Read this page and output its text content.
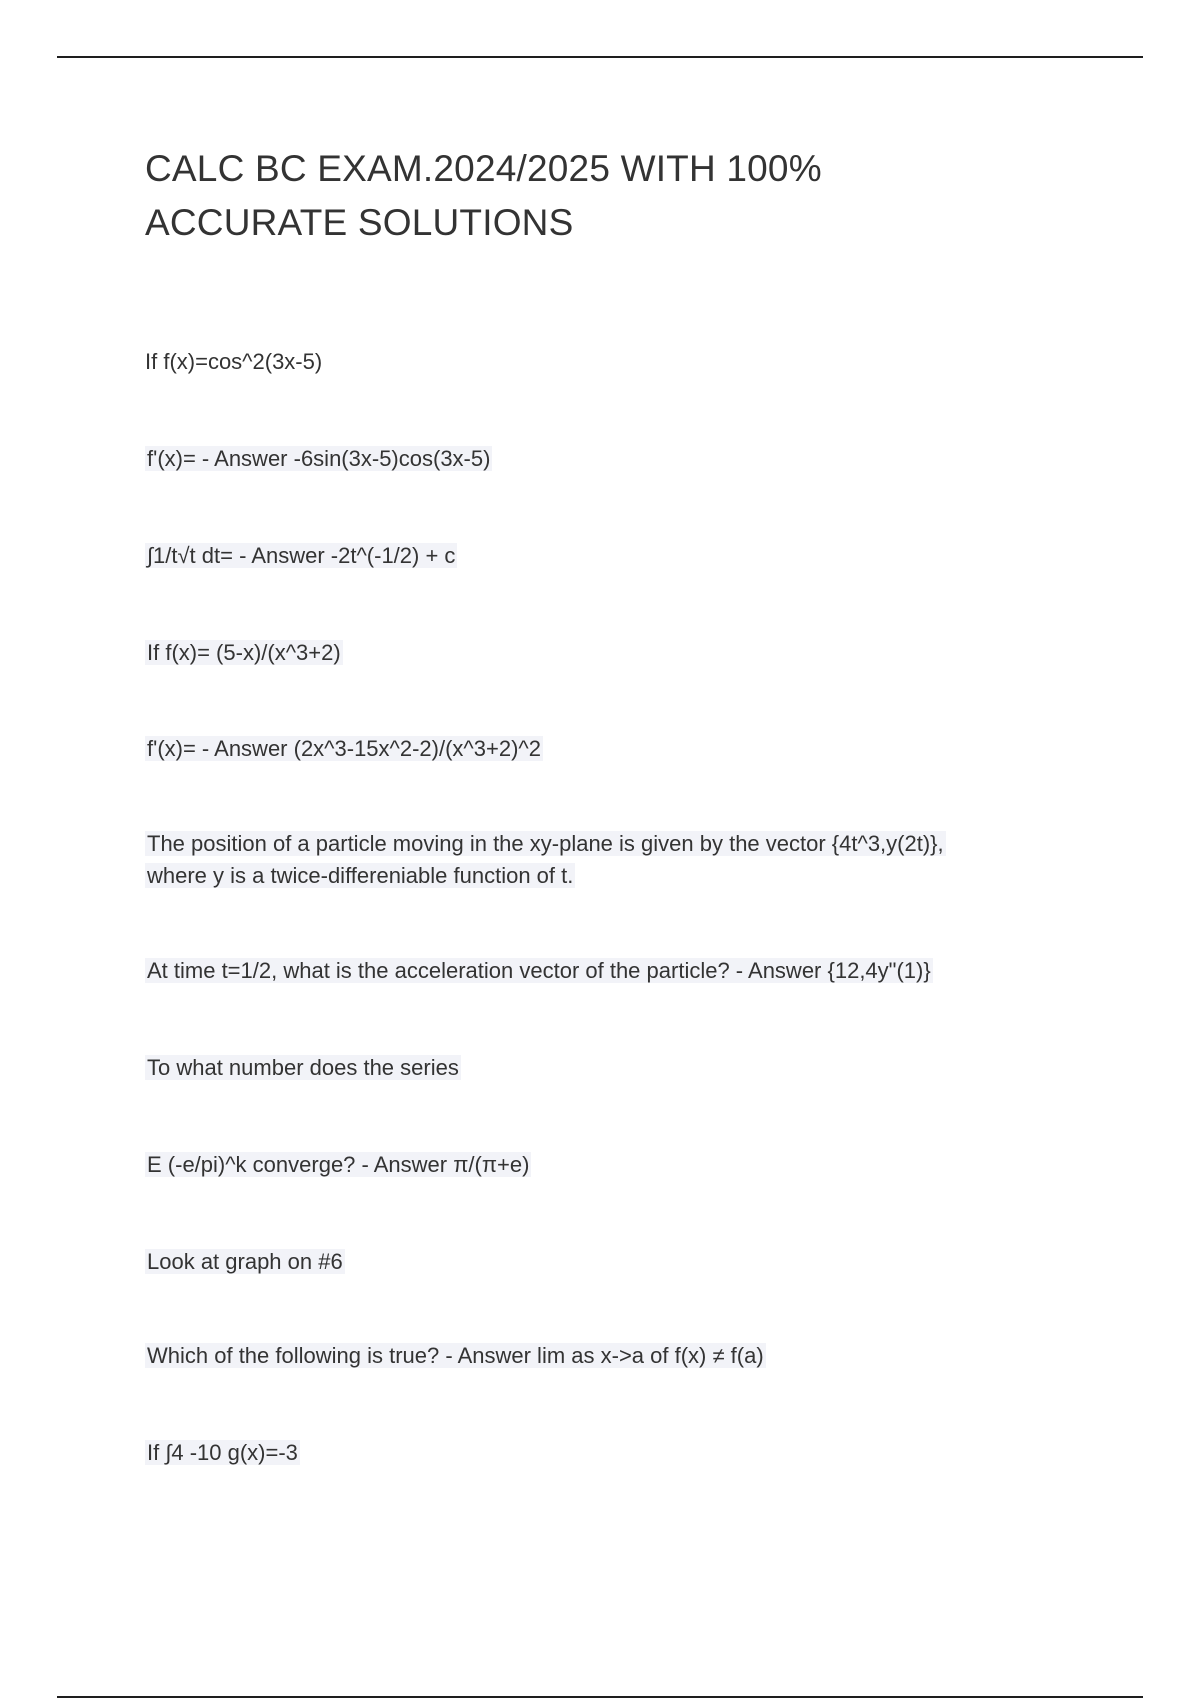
CALC BC EXAM.2024/2025 WITH 100%
ACCURATE SOLUTIONS

If f(x)=cos^2(3x-5)

f'(x)= - Answer -6sin(3x-5)cos(3x-5)

∫1/t√t dt= - Answer -2t^(-1/2) + c

If f(x)= (5-x)/(x^3+2)

f'(x)= - Answer (2x^3-15x^2-2)/(x^3+2)^2

The position of a particle moving in the xy-plane is given by the vector {4t^3,y(2t)},
where y is a twice-differeniable function of t.

At time t=1/2, what is the acceleration vector of the particle? - Answer {12,4y"(1)}

To what number does the series

E (-e/pi)^k converge? - Answer π/(π+e)

Look at graph on #6

Which of the following is true? - Answer lim as x->a of f(x) ≠ f(a)

If ∫4 -10 g(x)=-3
